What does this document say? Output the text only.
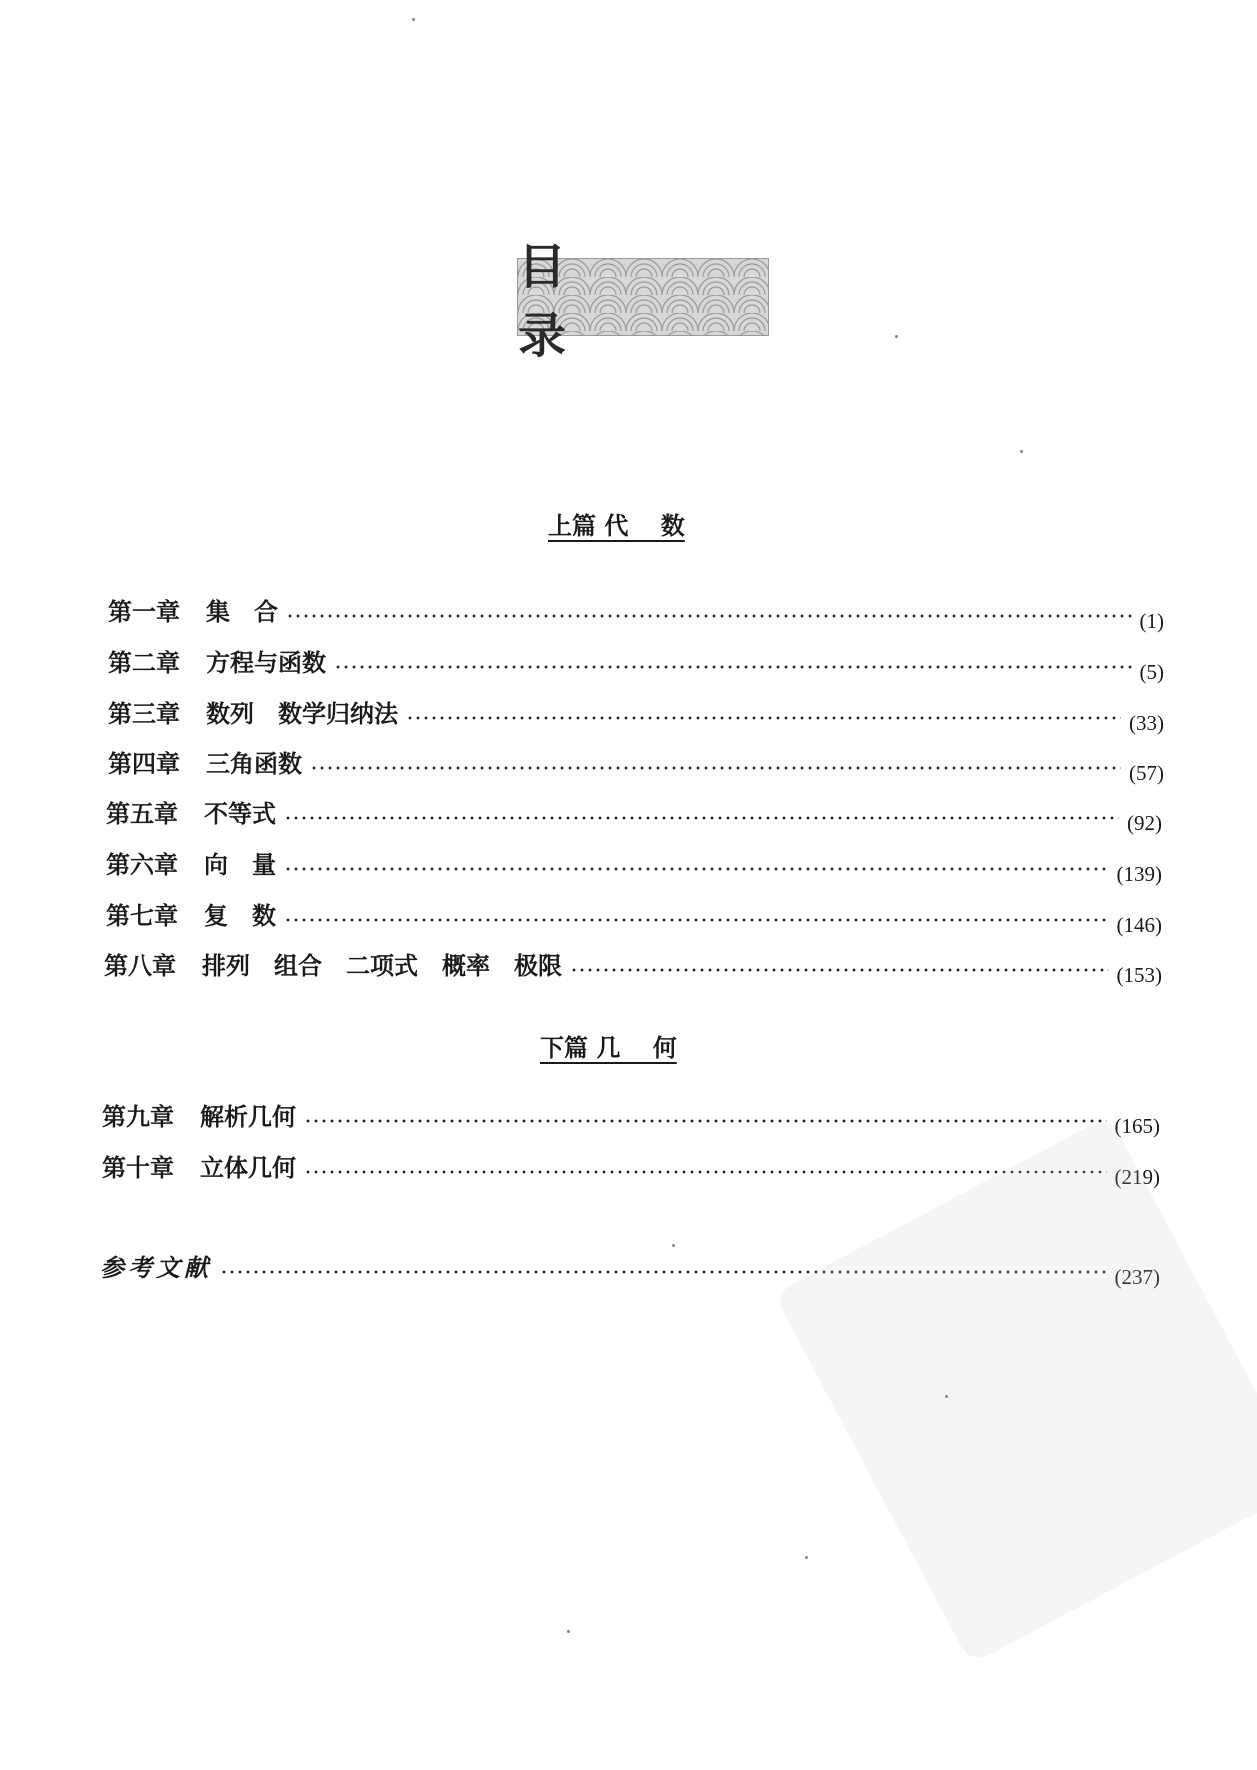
目 录
上篇 代　 数
第一章 集　合	(1)
第二章 方程与函数	(5)
第三章 数列　数学归纳法	(33)
第四章 三角函数	(57)
第五章 不等式	(92)
第六章 向　量	(139)
第七章 复　数	(146)
第八章 排列　组合　二项式　概率　极限	(153)
下篇 几　 何
第九章 解析几何	(165)
第十章 立体几何	(219)
参考文献	(237)
